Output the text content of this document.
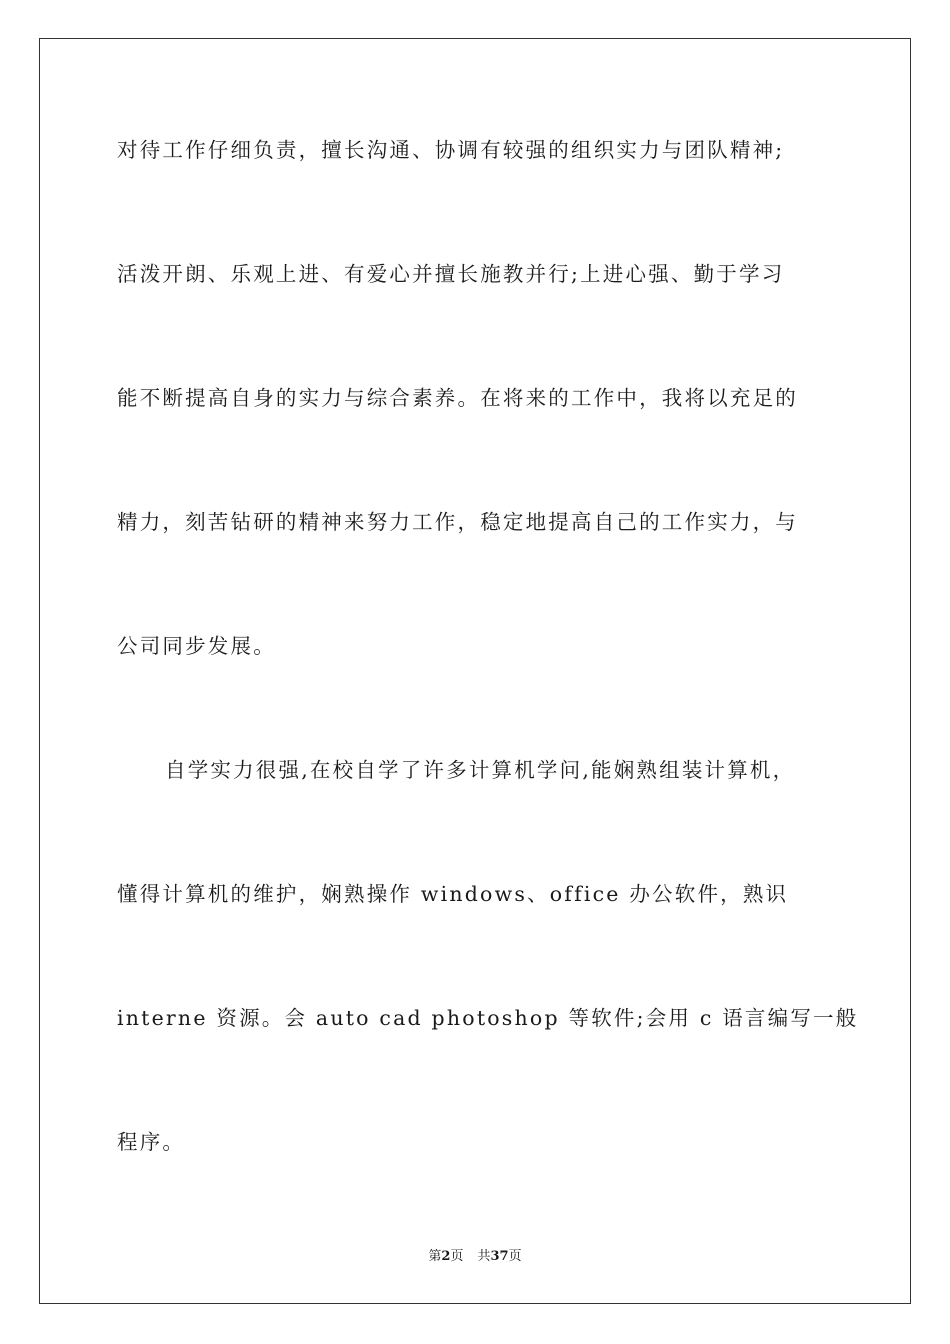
对待工作仔细负责，擅长沟通、协调有较强的组织实力与团队精神;
活泼开朗、乐观上进、有爱心并擅长施教并行;上进心强、勤于学习
能不断提高自身的实力与综合素养。在将来的工作中，我将以充足的
精力，刻苦钻研的精神来努力工作，稳定地提高自己的工作实力，与
公司同步发展。
自学实力很强,在校自学了许多计算机学问,能娴熟组装计算机，
懂得计算机的维护，娴熟操作 windows、office 办公软件，熟识
interne 资源。会 auto cad photoshop 等软件;会用 c 语言编写一般
程序。
第2页 共37页
